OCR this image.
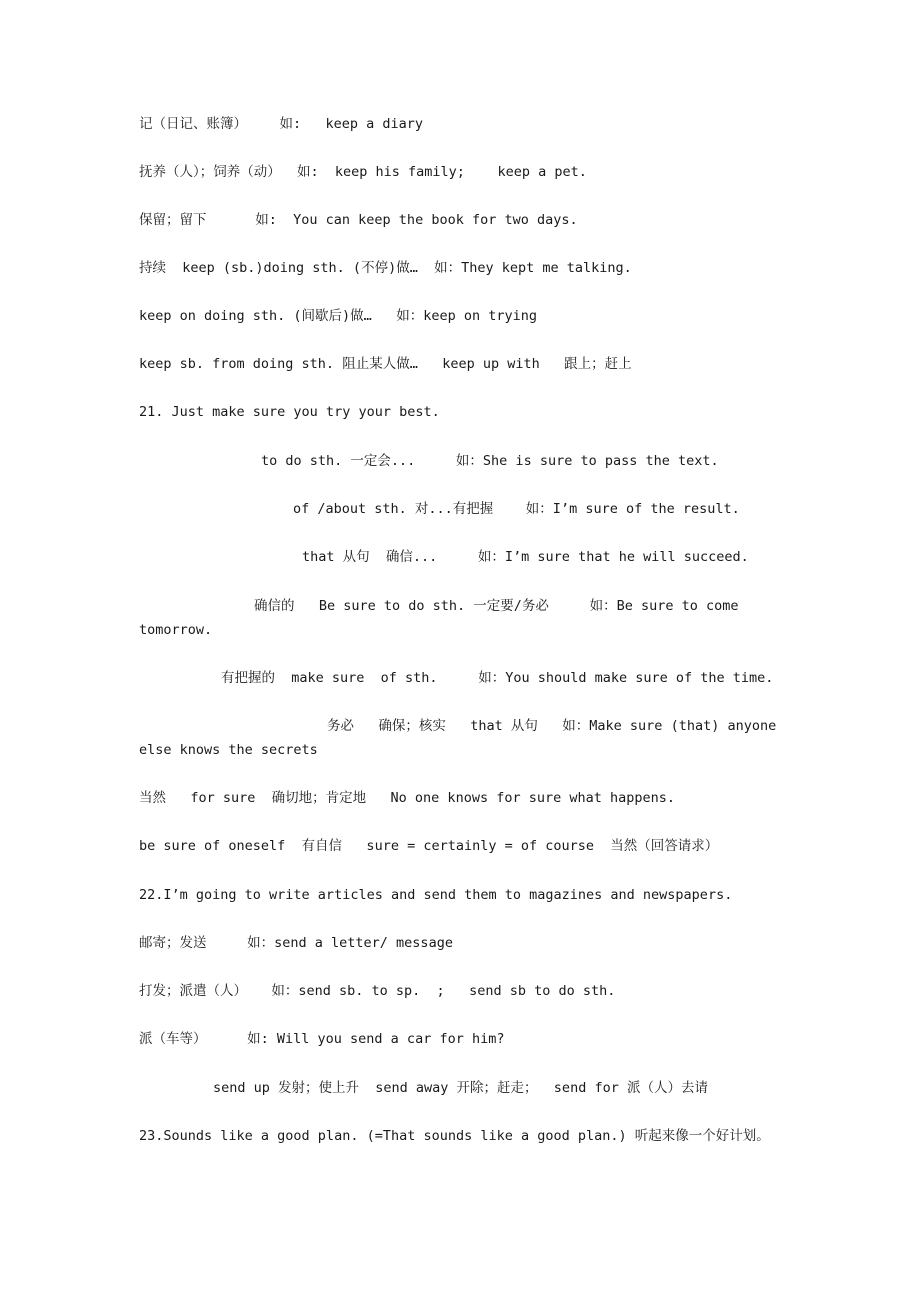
记（日记、账簿）    如:   keep a diary
抚养（人）；饲养（动）  如:  keep his family;    keep a pet.
保留；留下      如:  You can keep the book for two days.
持续  keep (sb.)doing sth. (不停)做…  如：They kept me talking.
keep on doing sth. (间歇后)做…   如：keep on trying
keep sb. from doing sth. 阻止某人做…   keep up with   跟上；赶上
21. Just make sure you try your best.
to do sth. 一定会...     如：She is sure to pass the text.
of /about sth. 对...有把握    如：I’m sure of the result.
that 从句  确信...     如：I’m sure that he will succeed.
确信的   Be sure to do sth. 一定要/务必     如：Be sure to come
tomorrow.
有把握的  make sure  of sth.     如：You should make sure of the time.
务必   确保；核实   that 从句   如：Make sure (that) anyone
else knows the secrets
当然   for sure  确切地；肯定地   No one knows for sure what happens.
be sure of oneself  有自信   sure = certainly = of course  当然（回答请求）
22.I’m going to write articles and send them to magazines and newspapers.
邮寄；发送     如：send a letter/ message
打发；派遣（人）   如：send sb. to sp.  ;   send sb to do sth.
派（车等）     如: Will you send a car for him?
send up 发射；使上升  send away 开除；赶走；  send for 派（人）去请
23.Sounds like a good plan. (=That sounds like a good plan.) 听起来像一个好计划。
